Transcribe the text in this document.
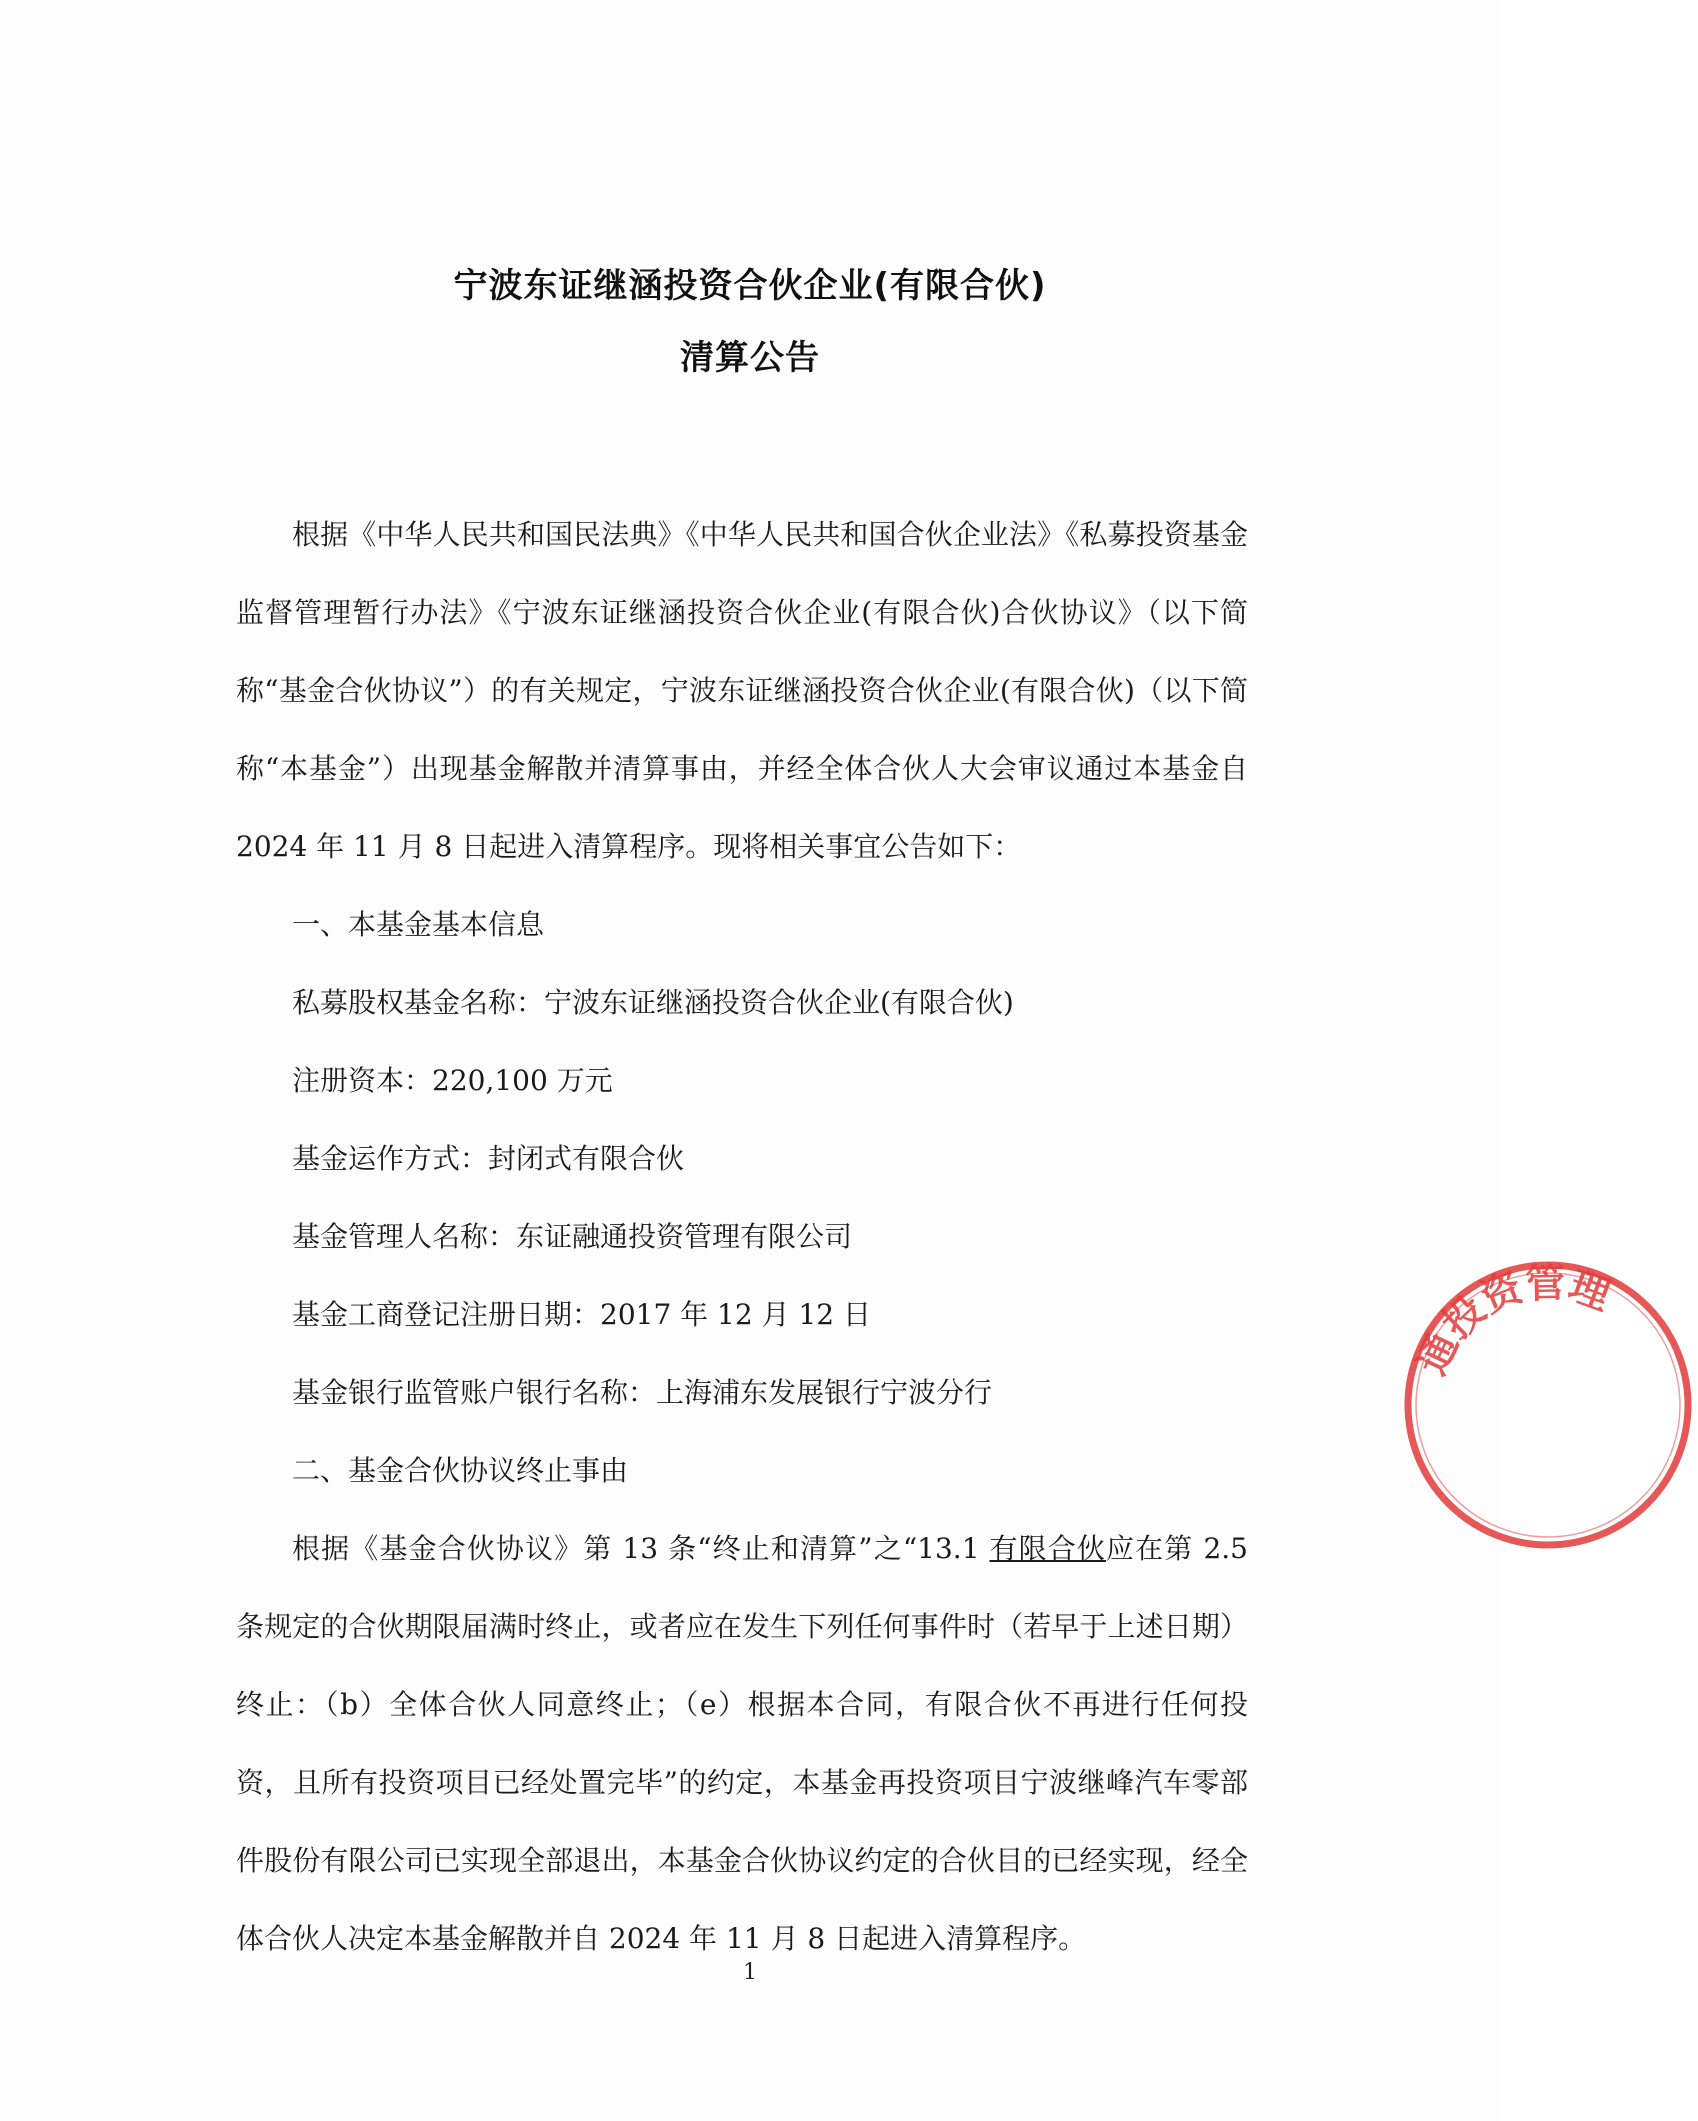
宁波东证继涵投资合伙企业(有限合伙)
清算公告

根据《中华人民共和国民法典》《中华人民共和国合伙企业法》《私募投资基金监督管理暂行办法》《宁波东证继涵投资合伙企业(有限合伙)合伙协议》（以下简称“基金合伙协议”）的有关规定，宁波东证继涵投资合伙企业(有限合伙)（以下简称“本基金”）出现基金解散并清算事由，并经全体合伙人大会审议通过本基金自 2024 年 11 月 8 日起进入清算程序。现将相关事宜公告如下：

一、本基金基本信息

私募股权基金名称：宁波东证继涵投资合伙企业(有限合伙)

注册资本：220,100 万元

基金运作方式：封闭式有限合伙

基金管理人名称：东证融通投资管理有限公司

基金工商登记注册日期：2017 年 12 月 12 日

基金银行监管账户银行名称：上海浦东发展银行宁波分行

二、基金合伙协议终止事由

根据《基金合伙协议》第 13 条“终止和清算”之“13.1 有限合伙应在第 2.5 条规定的合伙期限届满时终止，或者应在发生下列任何事件时（若早于上述日期）终止：（b）全体合伙人同意终止；（e）根据本合同，有限合伙不再进行任何投资，且所有投资项目已经处置完毕”的约定，本基金再投资项目宁波继峰汽车零部件股份有限公司已实现全部退出，本基金合伙协议约定的合伙目的已经实现，经全体合伙人决定本基金解散并自 2024 年 11 月 8 日起进入清算程序。

1
通投资管理
